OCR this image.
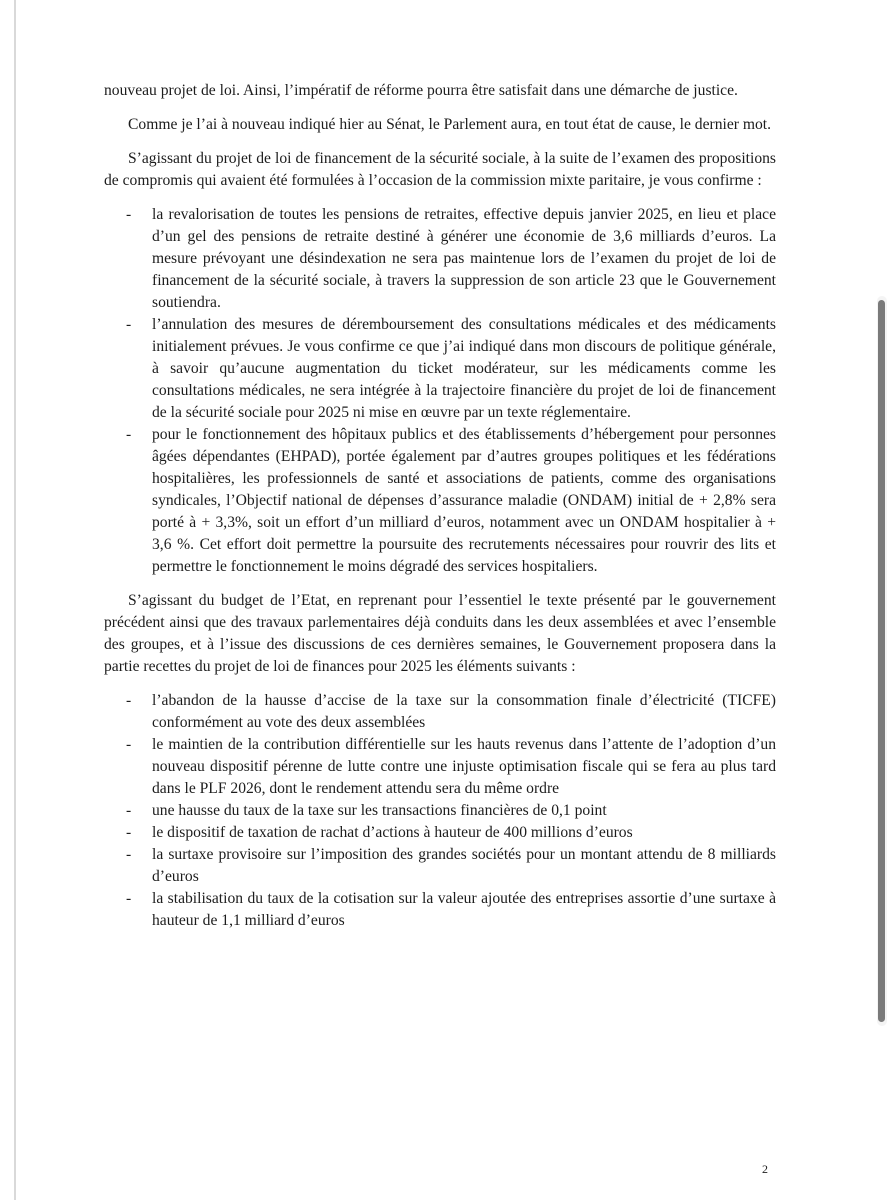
nouveau projet de loi. Ainsi, l’impératif de réforme pourra être satisfait dans une démarche de justice.

Comme je l’ai à nouveau indiqué hier au Sénat, le Parlement aura, en tout état de cause, le dernier mot.

S’agissant du projet de loi de financement de la sécurité sociale, à la suite de l’examen des propositions de compromis qui avaient été formulées à l’occasion de la commission mixte paritaire, je vous confirme :

- la revalorisation de toutes les pensions de retraites, effective depuis janvier 2025, en lieu et place d’un gel des pensions de retraite destiné à générer une économie de 3,6 milliards d’euros. La mesure prévoyant une désindexation ne sera pas maintenue lors de l’examen du projet de loi de financement de la sécurité sociale, à travers la suppression de son article 23 que le Gouvernement soutiendra.
- l’annulation des mesures de déremboursement des consultations médicales et des médicaments initialement prévues. Je vous confirme ce que j’ai indiqué dans mon discours de politique générale, à savoir qu’aucune augmentation du ticket modérateur, sur les médicaments comme les consultations médicales, ne sera intégrée à la trajectoire financière du projet de loi de financement de la sécurité sociale pour 2025 ni mise en œuvre par un texte réglementaire.
- pour le fonctionnement des hôpitaux publics et des établissements d’hébergement pour personnes âgées dépendantes (EHPAD), portée également par d’autres groupes politiques et les fédérations hospitalières, les professionnels de santé et associations de patients, comme des organisations syndicales, l’Objectif national de dépenses d’assurance maladie (ONDAM) initial de + 2,8% sera porté à + 3,3%, soit un effort d’un milliard d’euros, notamment avec un ONDAM hospitalier à + 3,6 %. Cet effort doit permettre la poursuite des recrutements nécessaires pour rouvrir des lits et permettre le fonctionnement le moins dégradé des services hospitaliers.

S’agissant du budget de l’Etat, en reprenant pour l’essentiel le texte présenté par le gouvernement précédent ainsi que des travaux parlementaires déjà conduits dans les deux assemblées et avec l’ensemble des groupes, et à l’issue des discussions de ces dernières semaines, le Gouvernement proposera dans la partie recettes du projet de loi de finances pour 2025 les éléments suivants :

- l’abandon de la hausse d’accise de la taxe sur la consommation finale d’électricité (TICFE) conformément au vote des deux assemblées
- le maintien de la contribution différentielle sur les hauts revenus dans l’attente de l’adoption d’un nouveau dispositif pérenne de lutte contre une injuste optimisation fiscale qui se fera au plus tard dans le PLF 2026, dont le rendement attendu sera du même ordre
- une hausse du taux de la taxe sur les transactions financières de 0,1 point
- le dispositif de taxation de rachat d’actions à hauteur de 400 millions d’euros
- la surtaxe provisoire sur l’imposition des grandes sociétés pour un montant attendu de 8 milliards d’euros
- la stabilisation du taux de la cotisation sur la valeur ajoutée des entreprises assortie d’une surtaxe à hauteur de 1,1 milliard d’euros
2
